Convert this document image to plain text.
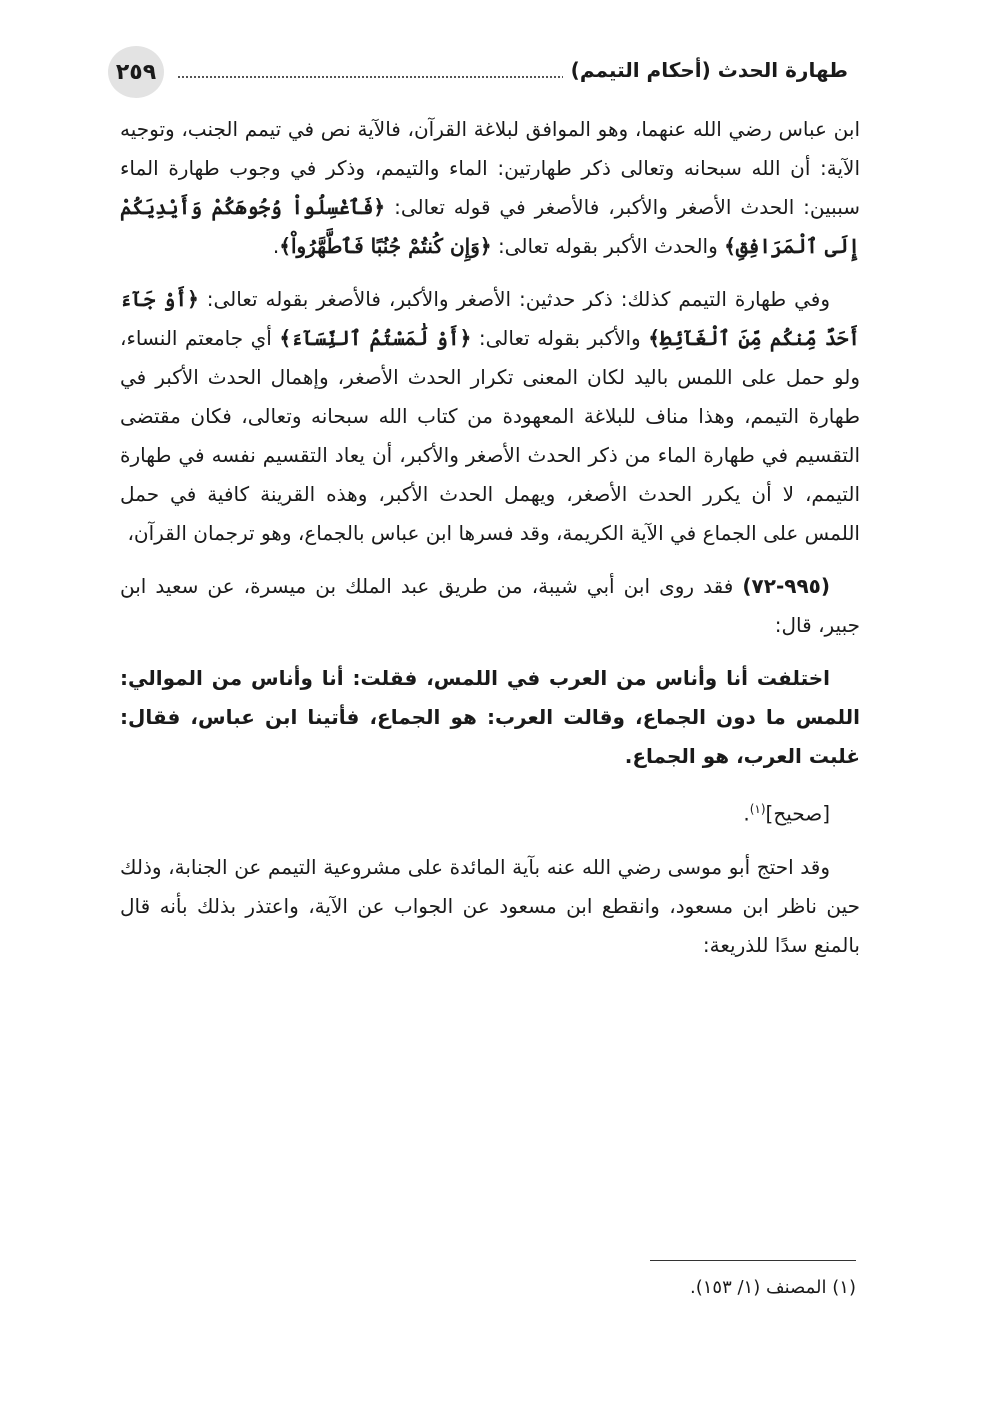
٢٥٩	طهارة الحدث (أحكام التيمم)

ابن عباس رضي الله عنهما، وهو الموافق لبلاغة القرآن، فالآية نص في تيمم الجنب، وتوجيه الآية: أن الله سبحانه وتعالى ذكر طهارتين: الماء والتيمم، وذكر في وجوب طهارة الماء سببين: الحدث الأصغر والأكبر، فالأصغر في قوله تعالى: ﴿فَٱغْسِلُواْ وُجُوهَكُمْ وَأَيْدِيَكُمْ إِلَى ٱلْمَرَافِقِ﴾ والحدث الأكبر بقوله تعالى: ﴿وَإِن كُنتُمْ جُنُبًا فَٱطَّهَّرُواْ﴾.

وفي طهارة التيمم كذلك: ذكر حدثين: الأصغر والأكبر، فالأصغر بقوله تعالى: ﴿أَوْ جَآءَ أَحَدٌ مِّنكُم مِّنَ ٱلْغَآئِطِ﴾ والأكبر بقوله تعالى: ﴿أَوْ لَٰمَسْتُمُ ٱلنِّسَآءَ﴾ أي جامعتم النساء، ولو حمل على اللمس باليد لكان المعنى تكرار الحدث الأصغر، وإهمال الحدث الأكبر في طهارة التيمم، وهذا مناف للبلاغة المعهودة من كتاب الله سبحانه وتعالى، فكان مقتضى التقسيم في طهارة الماء من ذكر الحدث الأصغر والأكبر، أن يعاد التقسيم نفسه في طهارة التيمم، لا أن يكرر الحدث الأصغر، ويهمل الحدث الأكبر، وهذه القرينة كافية في حمل اللمس على الجماع في الآية الكريمة، وقد فسرها ابن عباس بالجماع، وهو ترجمان القرآن،

(٩٩٥-٧٢) فقد روى ابن أبي شيبة، من طريق عبد الملك بن ميسرة، عن سعيد ابن جبير، قال:

اختلفت أنا وأناس من العرب في اللمس، فقلت: أنا وأناس من الموالي: اللمس ما دون الجماع، وقالت العرب: هو الجماع، فأتينا ابن عباس، فقال: غلبت العرب، هو الجماع.

[صحيح]$^{(١)}$.

وقد احتج أبو موسى رضي الله عنه بآية المائدة على مشروعية التيمم عن الجنابة، وذلك حين ناظر ابن مسعود، وانقطع ابن مسعود عن الجواب عن الآية، واعتذر بذلك بأنه قال بالمنع سدًا للذريعة:

(١) المصنف (١/ ١٥٣).
